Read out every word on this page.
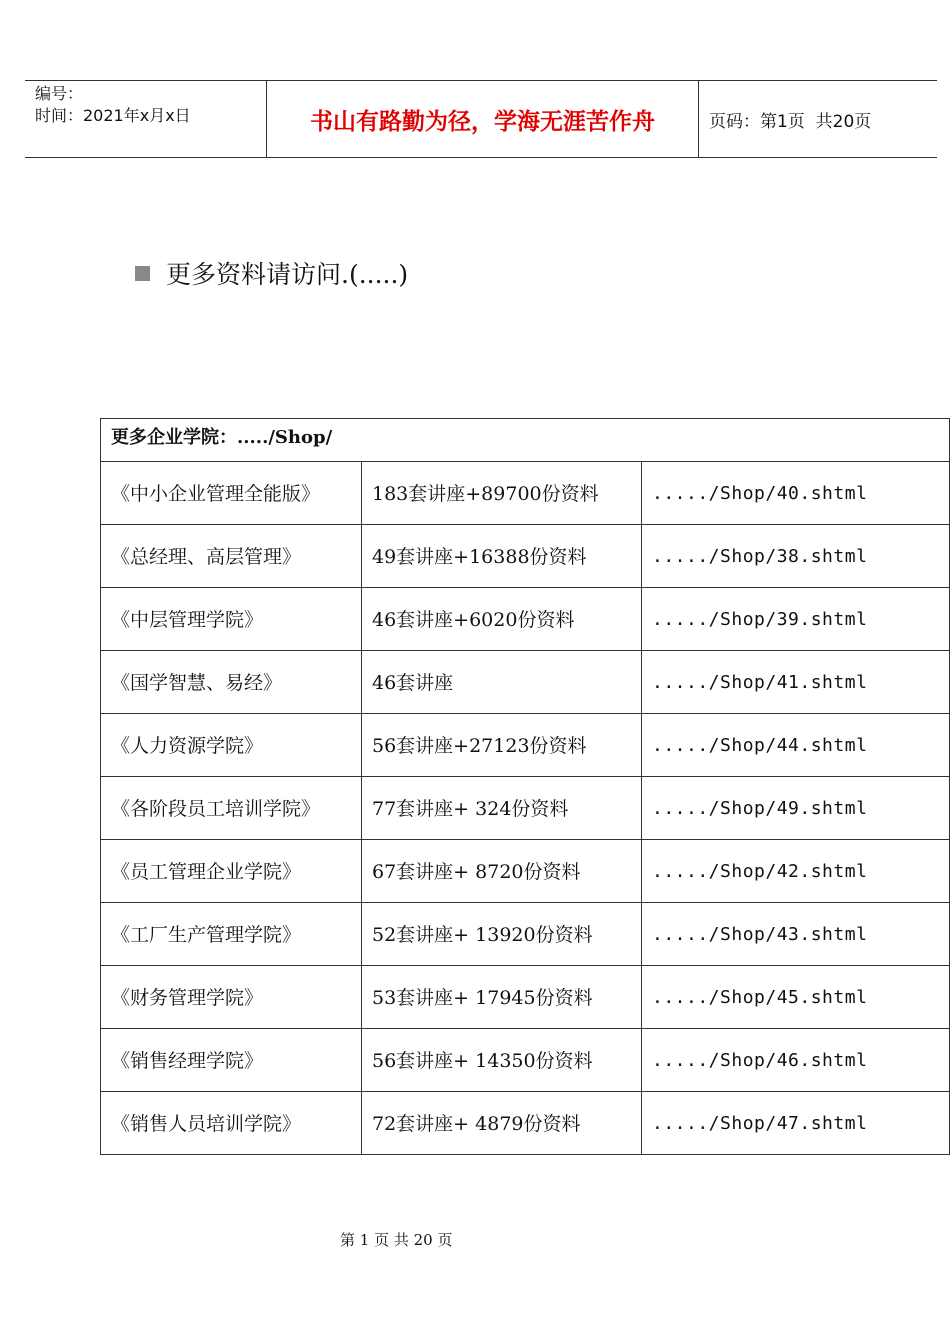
编号：
时间：2021年x月x日	书山有路勤为径，学海无涯苦作舟	页码：第1页  共20页
更多资料请访问.(.....)
更多企业学院：...../Shop/		
《中小企业管理全能版》	183套讲座+89700份资料	...../Shop/40.shtml
《总经理、高层管理》	49套讲座+16388份资料	...../Shop/38.shtml
《中层管理学院》	46套讲座+6020份资料	...../Shop/39.shtml
《国学智慧、易经》	46套讲座	...../Shop/41.shtml
《人力资源学院》	56套讲座+27123份资料	...../Shop/44.shtml
《各阶段员工培训学院》	77套讲座+ 324份资料	...../Shop/49.shtml
《员工管理企业学院》	67套讲座+ 8720份资料	...../Shop/42.shtml
《工厂生产管理学院》	52套讲座+ 13920份资料	...../Shop/43.shtml
《财务管理学院》	53套讲座+ 17945份资料	...../Shop/45.shtml
《销售经理学院》	56套讲座+ 14350份资料	...../Shop/46.shtml
《销售人员培训学院》	72套讲座+ 4879份资料	...../Shop/47.shtml
第 1 页 共 20 页
